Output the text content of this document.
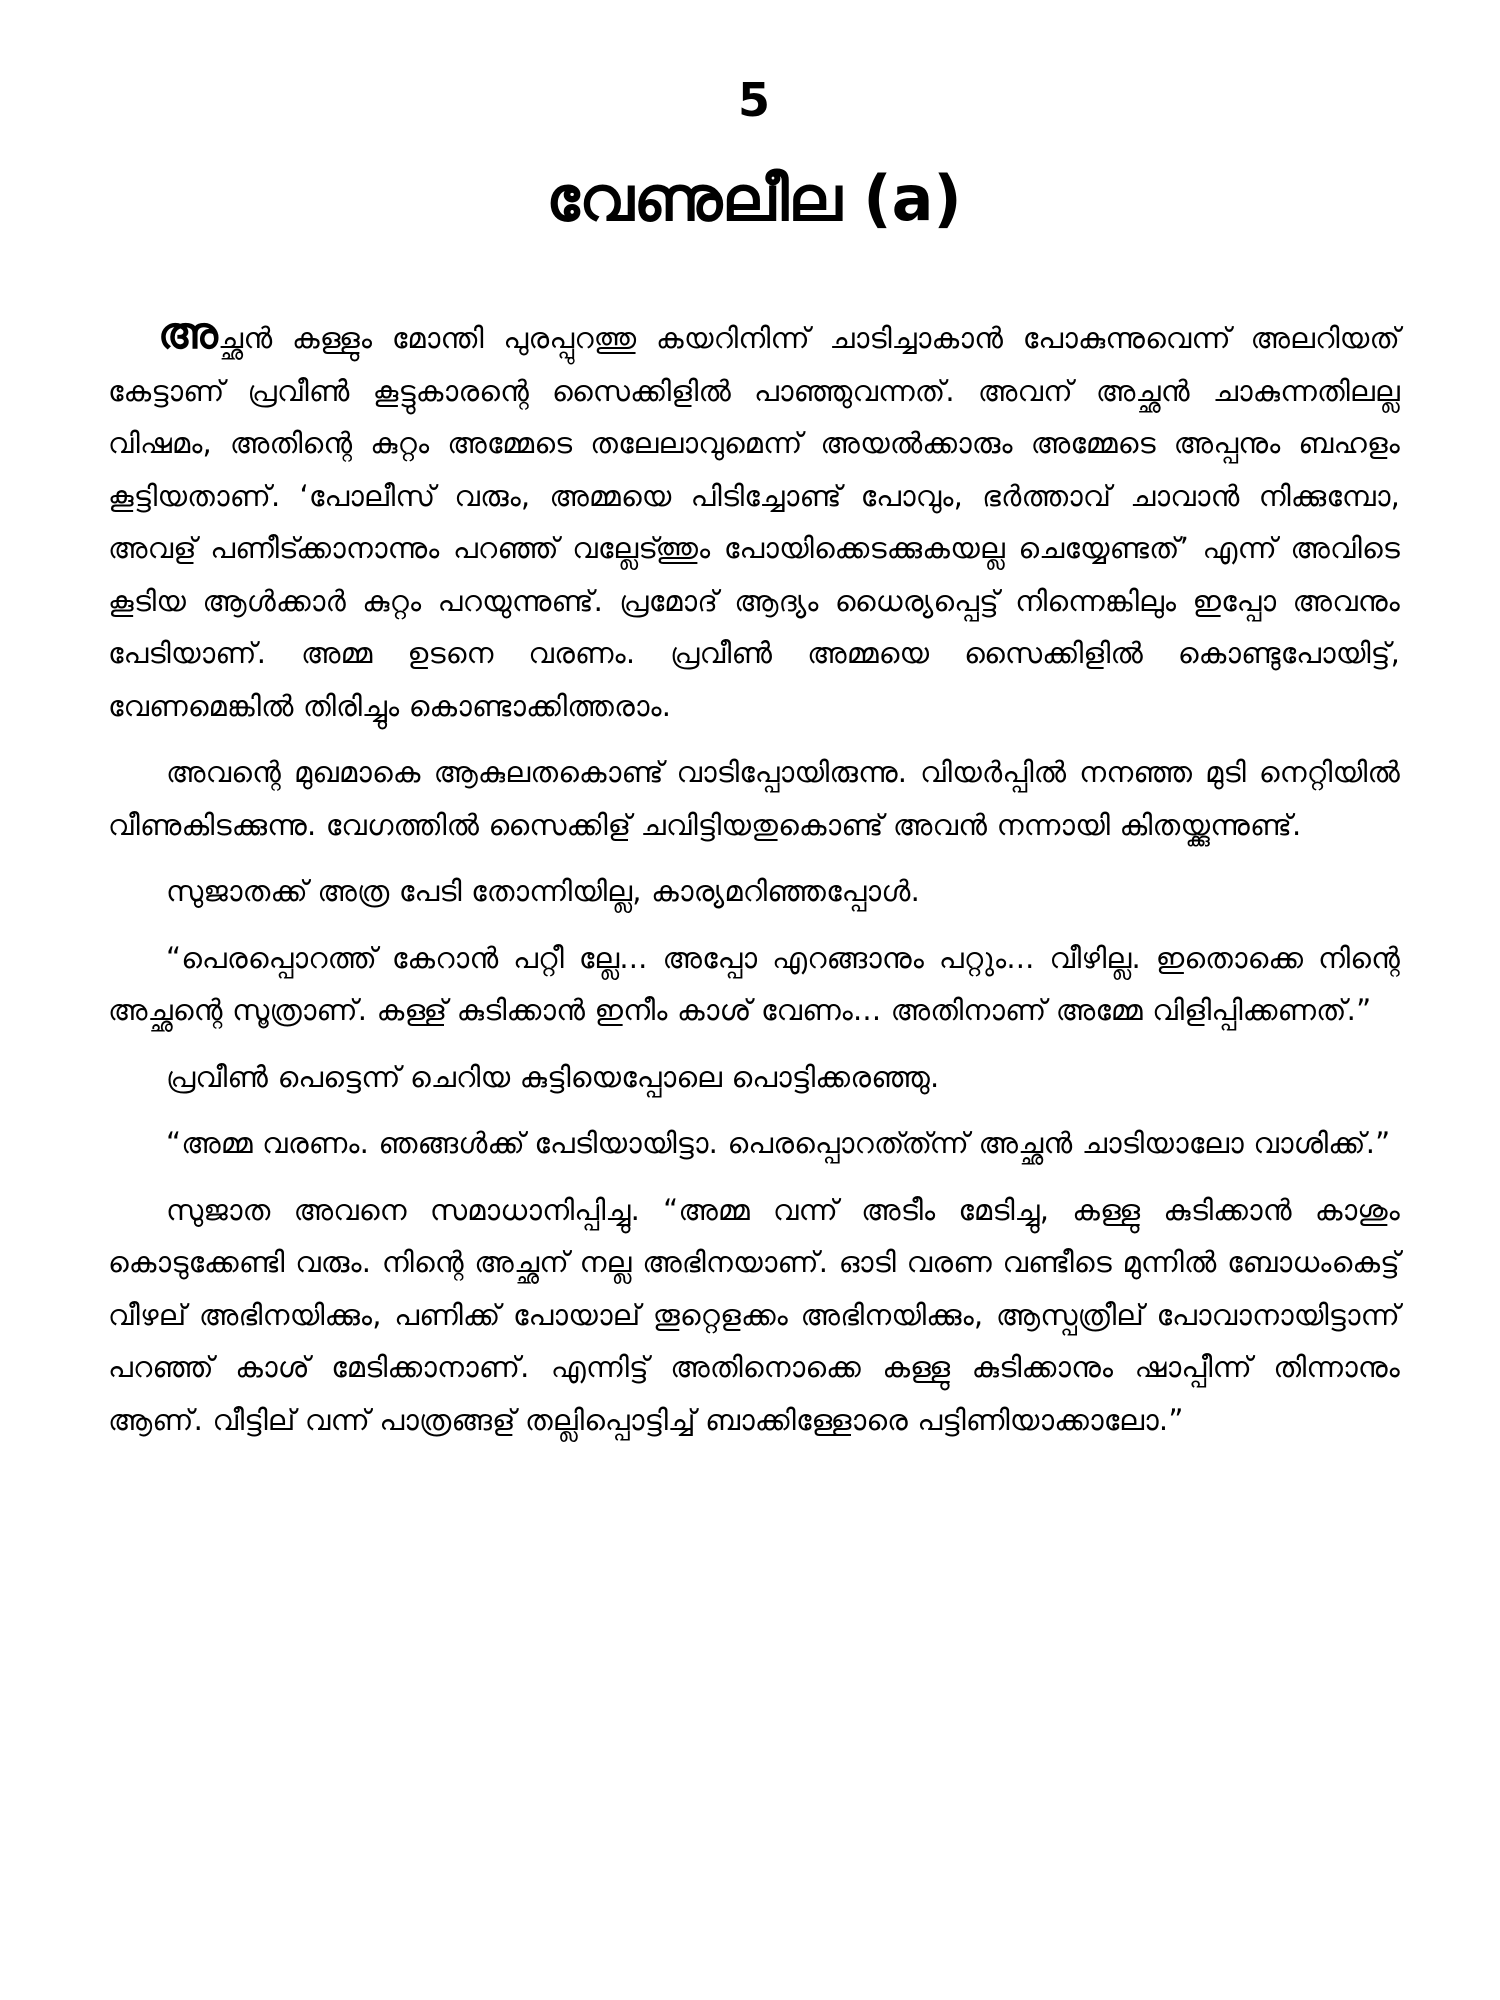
5
വേണുലീല (a)

അച്ഛൻ കള്ളും മോന്തി പുരപ്പുറത്തു കയറിനിന്ന് ചാടിച്ചാകാൻ പോകുന്നുവെന്ന് അലറിയത് കേട്ടാണ് പ്രവീൺ കൂട്ടുകാരന്റെ സൈക്കിളിൽ പാഞ്ഞുവന്നത്. അവന് അച്ഛൻ ചാകുന്നതിലല്ല വിഷമം, അതിന്റെ കുറ്റം അമ്മേടെ തലേലാവുമെന്ന് അയൽക്കാരും അമ്മേടെ അപ്പനും ബഹളം കൂട്ടിയതാണ്. ‘പോലീസ് വരും, അമ്മയെ പിടിച്ചോണ്ട് പോവും, ഭർത്താവ് ചാവാൻ നിക്കുമ്പോ, അവള് പണീട്ക്കാനാന്നും പറഞ്ഞ് വല്ലേട്ത്തും പോയിക്കെടക്കുകയല്ല ചെയ്യേണ്ടത്’ എന്ന് അവിടെ കൂടിയ ആൾക്കാർ കുറ്റം പറയുന്നുണ്ട്. പ്രമോദ് ആദ്യം ധൈര്യപ്പെട്ട് നിന്നെങ്കിലും ഇപ്പോ അവനും പേടിയാണ്. അമ്മ ഉടനെ വരണം. പ്രവീൺ അമ്മയെ സൈക്കിളിൽ കൊണ്ടുപോയിട്ട്, വേണമെങ്കിൽ തിരിച്ചും കൊണ്ടാക്കിത്തരാം.

അവന്റെ മുഖമാകെ ആകുലതകൊണ്ട് വാടിപ്പോയിരുന്നു. വിയർപ്പിൽ നനഞ്ഞ മുടി നെറ്റിയിൽ വീണുകിടക്കുന്നു. വേഗത്തിൽ സൈക്കിള് ചവിട്ടിയതുകൊണ്ട് അവൻ നന്നായി കിതയ്ക്കുന്നുണ്ട്.

സുജാതക്ക് അത്ര പേടി തോന്നിയില്ല, കാര്യമറിഞ്ഞപ്പോൾ.

“പെരപ്പൊറത്ത് കേറാൻ പറ്റീ ല്ലേ... അപ്പോ എറങ്ങാനും പറ്റും... വീഴില്ല. ഇതൊക്കെ നിന്റെ അച്ഛന്റെ സൂത്രാണ്. കള്ള് കുടിക്കാൻ ഇനീം കാശ് വേണം... അതിനാണ് അമ്മേ വിളിപ്പിക്കണത്.”

പ്രവീൺ പെട്ടെന്ന് ചെറിയ കുട്ടിയെപ്പോലെ പൊട്ടിക്കരഞ്ഞു.

“അമ്മ വരണം. ഞങ്ങൾക്ക് പേടിയായിട്ടാ. പെരപ്പൊറത്ത്ന്ന് അച്ഛൻ ചാടിയാലോ വാശിക്ക്.”

സുജാത അവനെ സമാധാനിപ്പിച്ചു. “അമ്മ വന്ന് അടീം മേടിച്ചു, കള്ളു കുടിക്കാൻ കാശും കൊടുക്കേണ്ടി വരും. നിന്റെ അച്ഛന് നല്ല അഭിനയാണ്. ഓടി വരണ വണ്ടീടെ മുന്നിൽ ബോധംകെട്ട് വീഴല് അഭിനയിക്കും, പണിക്ക് പോയാല് തൂറ്റെളക്കം അഭിനയിക്കും, ആസ്പത്രീല് പോവാനായിട്ടാന്ന് പറഞ്ഞ് കാശ് മേടിക്കാനാണ്. എന്നിട്ട് അതിനൊക്കെ കള്ളു കുടിക്കാനും ഷാപ്പീന്ന് തിന്നാനും ആണ്. വീട്ടില് വന്ന് പാത്രങ്ങള് തല്ലിപ്പൊട്ടിച്ച് ബാക്കിള്ളോരെ പട്ടിണിയാക്കാലോ.”
